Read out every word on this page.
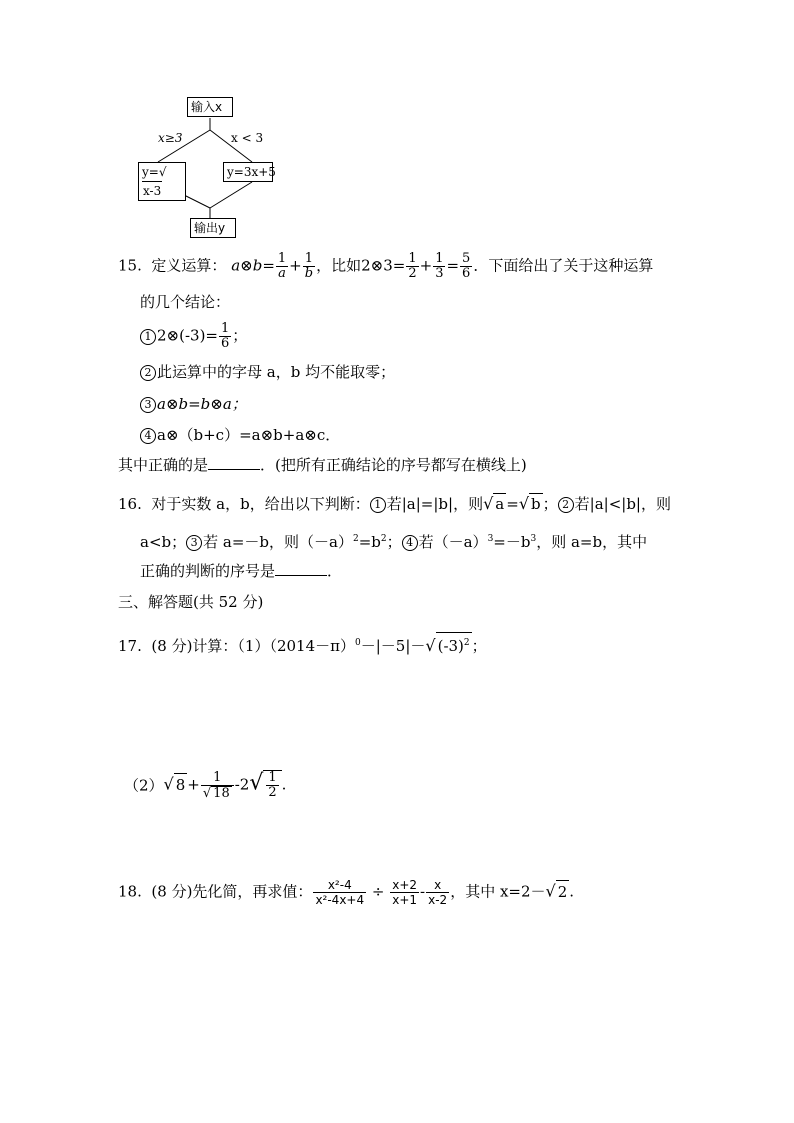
输入x
x≥3	x < 3
y=√x-3
y=3x+5
输出y
15. 定义运算： a⊗b= $\frac{1}{a} + \frac{1}{b}$ ，比如2⊗3= $\frac{1}{2} + \frac{1}{3} = \frac{5}{6}$ ．下面给出了关于这种运算
的几个结论：
1 2⊗(-3)= $\frac{1}{6}$ ；
2 此运算中的字母 a，b 均不能取零；
3 a⊗b=b⊗a；
4 a⊗（b+c）=a⊗b+a⊗c．
其中正确的是	．(把所有正确结论的序号都写在横线上)
16. 对于实数 a，b，给出以下判断： 1 若|a|=|b|，则√ a =√ b ； 2 若|a|<|b|，则
a<b； 3 若 a=－b，则$(-a)^2=b^2$； 4 若$(-a)^3=-b^3$，则 a=b，其中
正确的判断的序号是	．
三、解答题(共 52 分)
17. (8 分)计算：$(1)(2014-\pi)^0-|-5|-√$ $(-3)^2$ ；
（2）√ $8 + \frac{1}{√ 18} -2√ \frac{1}{2}$ .
18. (8 分)先化简，再求值： $\frac{\text{x²-4}}{\text{x²-4x+4}} \div \frac{x+2}{x+1} - \frac{x}{x-2}$ ，其中 x=2－√ 2 .
